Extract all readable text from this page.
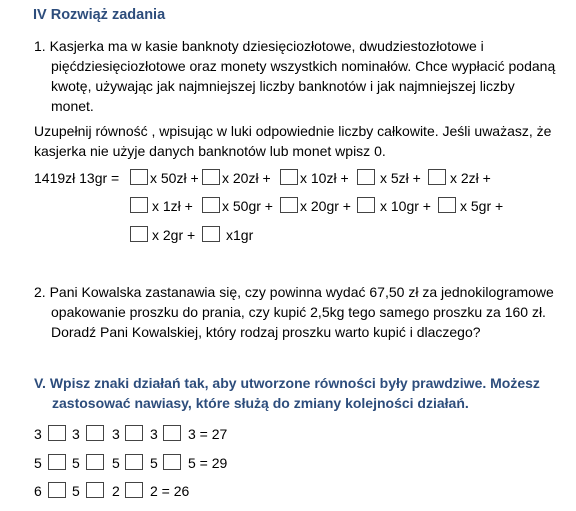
IV Rozwiąż zadania
1. Kasjerka ma w kasie banknoty dziesięciozłotowe, dwudziestozłotowe i
pięćdziesięciozłotowe oraz monety wszystkich nominałów. Chce wypłacić podaną
kwotę, używając jak najmniejszej liczby banknotów i jak najmniejszej liczby
monet.
Uzupełnij równość , wpisując w luki odpowiednie liczby całkowite. Jeśli uważasz, że
kasjerka nie użyje danych banknotów lub monet wpisz 0.
1419zł 13gr = x 50zł + x 20zł + x 10zł + x 5zł + x 2zł +
x 1zł + x 50gr + x 20gr + x 10gr + x 5gr +
x 2gr + x1gr
2. Pani Kowalska zastanawia się, czy powinna wydać 67,50 zł za jednokilogramowe
opakowanie proszku do prania, czy kupić 2,5kg tego samego proszku za 160 zł.
Doradź Pani Kowalskiej, który rodzaj proszku warto kupić i dlaczego?
V. Wpisz znaki działań tak, aby utworzone równości były prawdziwe. Możesz
zastosować nawiasy, które służą do zmiany kolejności działań.
3 3 3 3 3 = 27
5 5 5 5 5 = 29
6 5 2 2 = 26
